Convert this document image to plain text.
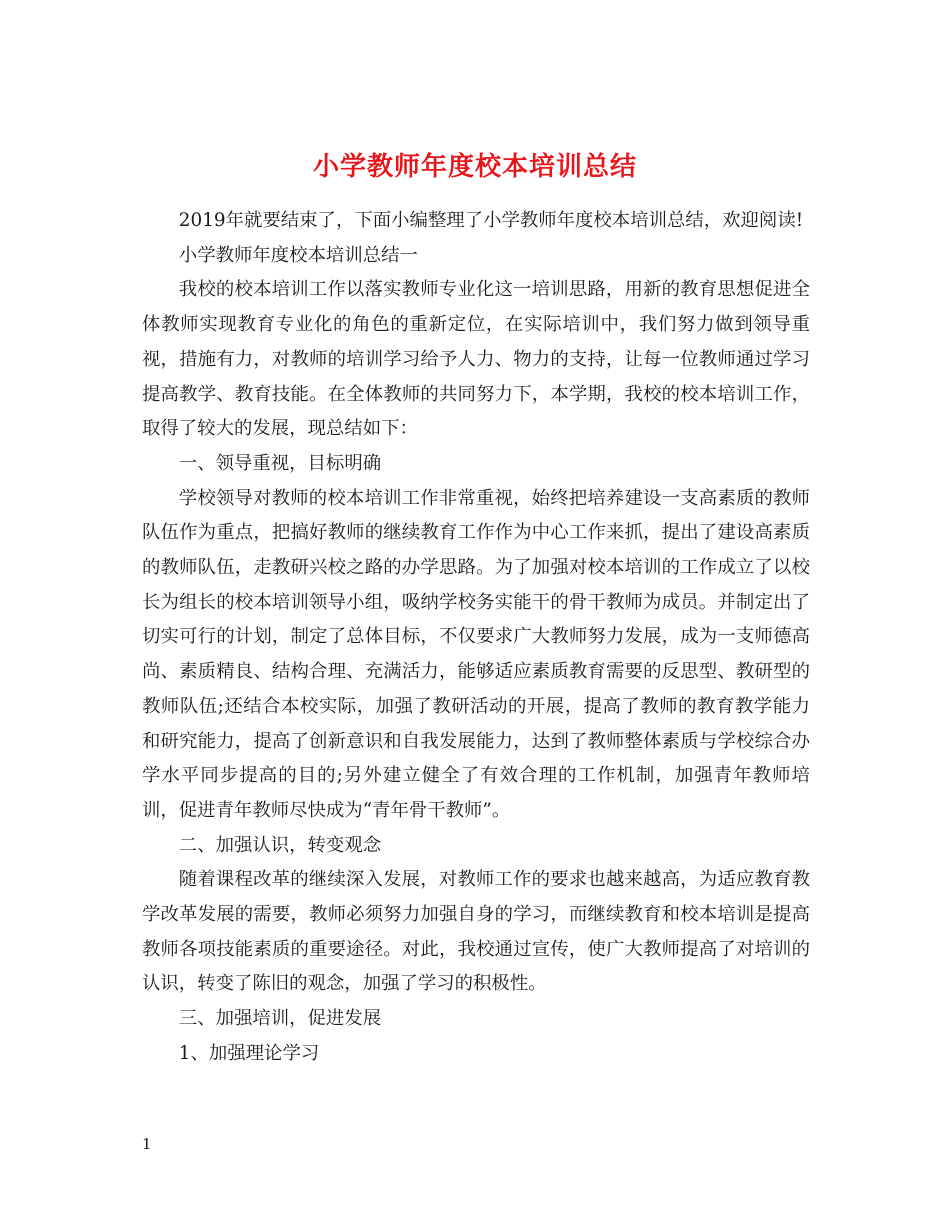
小学教师年度校本培训总结

2019年就要结束了，下面小编整理了小学教师年度校本培训总结，欢迎阅读!

小学教师年度校本培训总结一

我校的校本培训工作以落实教师专业化这一培训思路，用新的教育思想促进全体教师实现教育专业化的角色的重新定位，在实际培训中，我们努力做到领导重视，措施有力，对教师的培训学习给予人力、物力的支持，让每一位教师通过学习提高教学、教育技能。在全体教师的共同努力下，本学期，我校的校本培训工作，取得了较大的发展，现总结如下：

一、领导重视，目标明确

学校领导对教师的校本培训工作非常重视，始终把培养建设一支高素质的教师队伍作为重点，把搞好教师的继续教育工作作为中心工作来抓，提出了建设高素质的教师队伍，走教研兴校之路的办学思路。为了加强对校本培训的工作成立了以校长为组长的校本培训领导小组，吸纳学校务实能干的骨干教师为成员。并制定出了切实可行的计划，制定了总体目标，不仅要求广大教师努力发展，成为一支师德高尚、素质精良、结构合理、充满活力，能够适应素质教育需要的反思型、教研型的教师队伍;还结合本校实际，加强了教研活动的开展，提高了教师的教育教学能力和研究能力，提高了创新意识和自我发展能力，达到了教师整体素质与学校综合办学水平同步提高的目的;另外建立健全了有效合理的工作机制，加强青年教师培训，促进青年教师尽快成为“青年骨干教师”。

二、加强认识，转变观念

随着课程改革的继续深入发展，对教师工作的要求也越来越高，为适应教育教学改革发展的需要，教师必须努力加强自身的学习，而继续教育和校本培训是提高教师各项技能素质的重要途径。对此，我校通过宣传，使广大教师提高了对培训的认识，转变了陈旧的观念，加强了学习的积极性。

三、加强培训，促进发展

1、加强理论学习

1
